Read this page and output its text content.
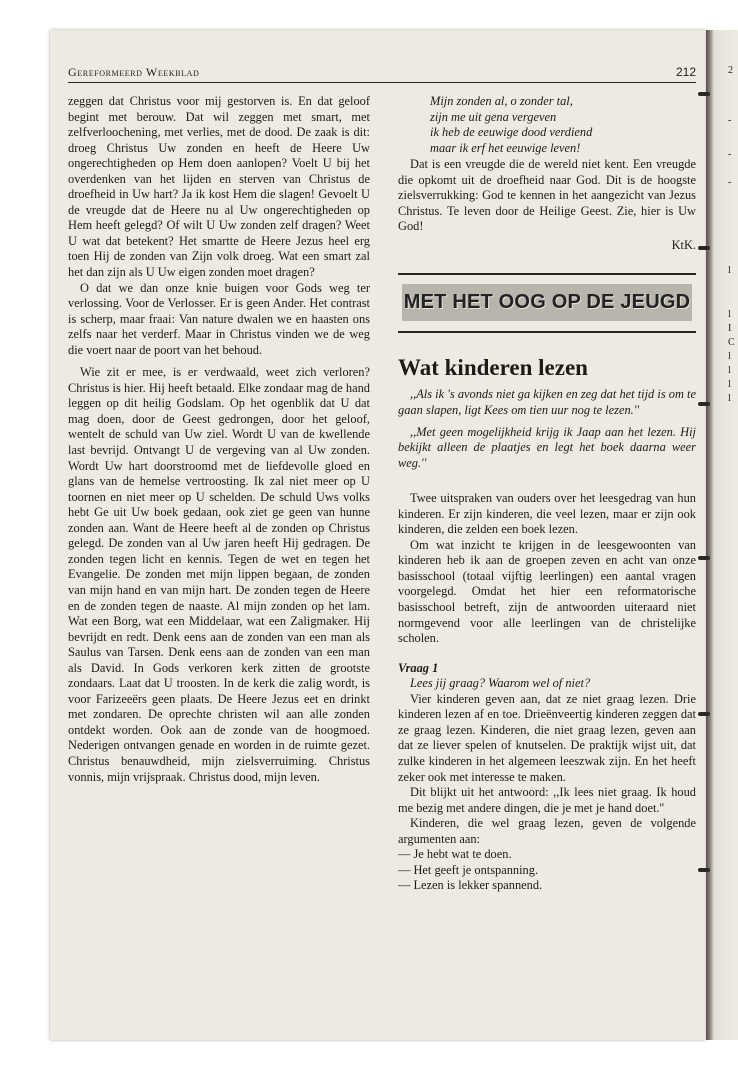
2
-
-
-
l
l
I
C
l
l
l
l
Gereformeerd Weekblad	212

zeggen dat Christus voor mij gestorven is. En dat geloof begint met berouw. Dat wil zeggen met smart, met zelfverloochening, met verlies, met de dood. De zaak is dit: droeg Christus Uw zonden en heeft de Heere Uw ongerechtigheden op Hem doen aanlopen? Voelt U bij het overdenken van het lijden en sterven van Christus de droefheid in Uw hart? Ja ik kost Hem die slagen! Gevoelt U de vreugde dat de Heere nu al Uw ongerechtigheden op Hem heeft gelegd? Of wilt U Uw zonden zelf dragen? Weet U wat dat betekent? Het smartte de Heere Jezus heel erg toen Hij de zonden van Zijn volk droeg. Wat een smart zal het dan zijn als U Uw eigen zonden moet dragen?

O dat we dan onze knie buigen voor Gods weg ter verlossing. Voor de Verlosser. Er is geen Ander. Het contrast is scherp, maar fraai: Van nature dwalen we en haasten ons zelfs naar het verderf. Maar in Christus vinden we de weg die voert naar de poort van het behoud.

Wie zit er mee, is er verdwaald, weet zich verloren? Christus is hier. Hij heeft betaald. Elke zondaar mag de hand leggen op dit heilig Godslam. Op het ogenblik dat U dat mag doen, door de Geest gedrongen, door het geloof, wentelt de schuld van Uw ziel. Wordt U van de kwellende last bevrijd. Ontvangt U de vergeving van al Uw zonden. Wordt Uw hart doorstroomd met de liefdevolle gloed en glans van de hemelse vertroosting. Ik zal niet meer op U toornen en niet meer op U schelden. De schuld Uws volks hebt Ge uit Uw boek gedaan, ook ziet ge geen van hunne zonden aan. Want de Heere heeft al de zonden op Christus gelegd. De zonden van al Uw jaren heeft Hij gedragen. De zonden tegen licht en kennis. Tegen de wet en tegen het Evangelie. De zonden met mijn lippen begaan, de zonden van mijn hand en van mijn hart. De zonden tegen de Heere en de zonden tegen de naaste. Al mijn zonden op het lam. Wat een Borg, wat een Middelaar, wat een Zaligmaker. Hij bevrijdt en redt. Denk eens aan de zonden van een man als Saulus van Tarsen. Denk eens aan de zonden van een man als David. In Gods verkoren kerk zitten de grootste zondaars. Laat dat U troosten. In de kerk die zalig wordt, is voor Farizeeërs geen plaats. De Heere Jezus eet en drinkt met zondaren. De oprechte christen wil aan alle zonden ontdekt worden. Ook aan de zonde van de hoogmoed. Nederigen ontvangen genade en worden in de ruimte gezet. Christus benauwdheid, mijn zielsverruiming. Christus vonnis, mijn vrijspraak. Christus dood, mijn leven.

Mijn zonden al, o zonder tal,
zijn me uit gena vergeven
ik heb de eeuwige dood verdiend
maar ik erf het eeuwige leven!

Dat is een vreugde die de wereld niet kent. Een vreugde die opkomt uit de droefheid naar God. Dit is de hoogste zielsverrukking: God te kennen in het aangezicht van Jezus Christus. Te leven door de Heilige Geest. Zie, hier is Uw God!

KtK.
MET HET OOG OP DE JEUGD
Wat kinderen lezen

,,Als ik 's avonds niet ga kijken en zeg dat het tijd is om te gaan slapen, ligt Kees om tien uur nog te lezen.''

,,Met geen mogelijkheid krijg ik Jaap aan het lezen. Hij bekijkt alleen de plaatjes en legt het boek daarna weer weg.''

Twee uitspraken van ouders over het leesgedrag van hun kinderen. Er zijn kinderen, die veel lezen, maar er zijn ook kinderen, die zelden een boek lezen.

Om wat inzicht te krijgen in de leesgewoonten van kinderen heb ik aan de groepen zeven en acht van onze basisschool (totaal vijftig leerlingen) een aantal vragen voorgelegd. Omdat het hier een reformatorische basisschool betreft, zijn de antwoorden uiteraard niet normgevend voor alle leerlingen van de christelijke scholen.

Vraag 1

Lees jij graag? Waarom wel of niet?

Vier kinderen geven aan, dat ze niet graag lezen. Drie kinderen lezen af en toe. Drieënveertig kinderen zeggen dat ze graag lezen. Kinderen, die niet graag lezen, geven aan dat ze liever spelen of knutselen. De praktijk wijst uit, dat zulke kinderen in het algemeen leeszwak zijn. En het heeft zeker ook met interesse te maken.

Dit blijkt uit het antwoord: ,,Ik lees niet graag. Ik houd me bezig met andere dingen, die je met je hand doet.''

Kinderen, die wel graag lezen, geven de volgende argumenten aan:

— Je hebt wat te doen.

— Het geeft je ontspanning.

— Lezen is lekker spannend.
